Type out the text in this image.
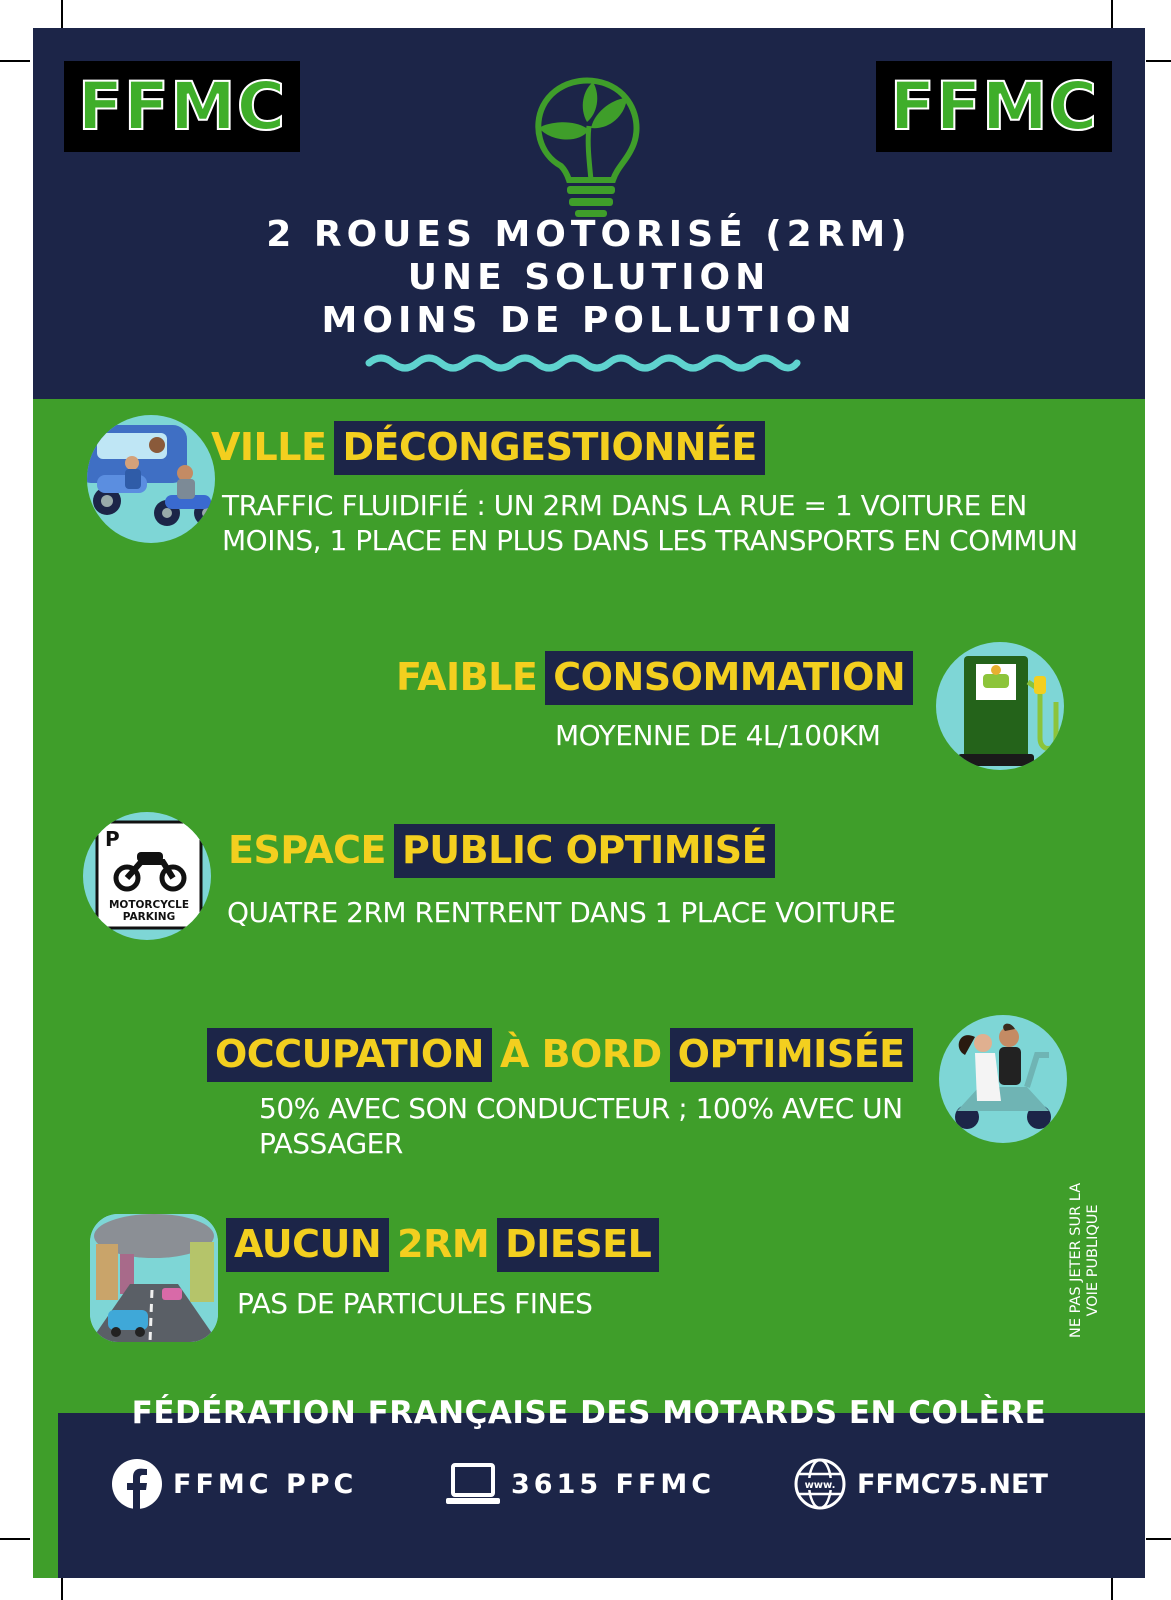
FFMC	FFMC
2 ROUES MOTORISÉ (2RM)
UNE SOLUTION
MOINS DE POLLUTION
VILLE DÉCONGESTIONNÉE
TRAFFIC FLUIDIFIÉ : UN 2RM DANS LA RUE = 1 VOITURE EN MOINS, 1 PLACE EN PLUS DANS LES TRANSPORTS EN COMMUN
FAIBLE CONSOMMATION
MOYENNE DE 4L/100KM
P
MOTORCYCLE
PARKING
ESPACE PUBLIC OPTIMISÉ
QUATRE 2RM RENTRENT DANS 1 PLACE VOITURE
OCCUPATION À BORD OPTIMISÉE
50% AVEC SON CONDUCTEUR ; 100% AVEC UN PASSAGER
AUCUN 2RM DIESEL
PAS DE PARTICULES FINES	NE PAS JETER SUR LA VOIE PUBLIQUE
FÉDÉRATION FRANÇAISE DES MOTARDS EN COLÈRE
FFMC PPC	3615 FFMC	www. FFMC75.NET
